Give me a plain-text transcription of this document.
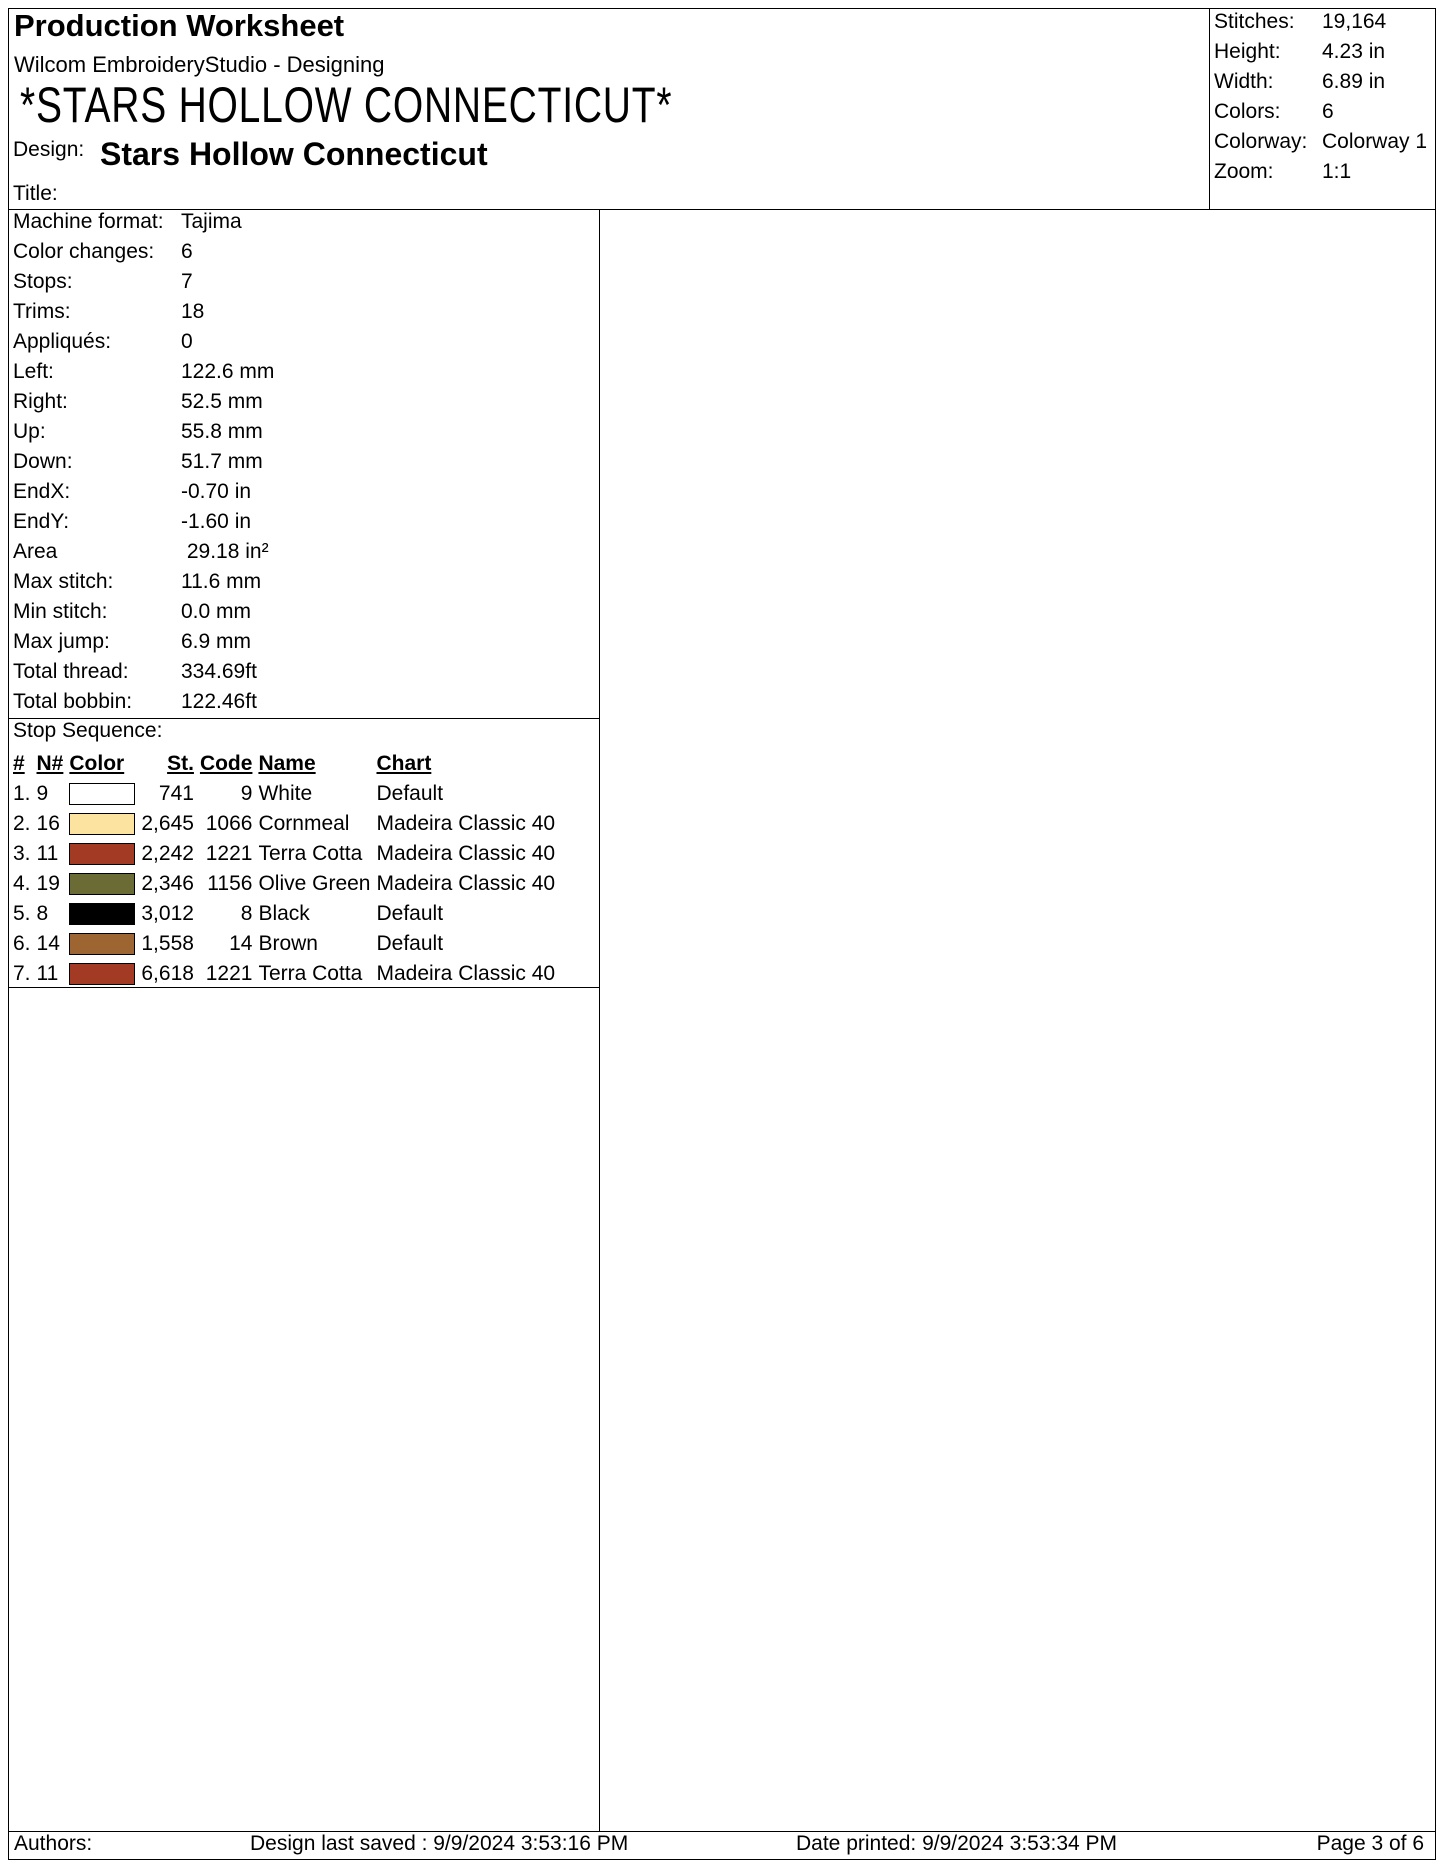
Production Worksheet
Wilcom EmbroideryStudio - Designing
*STARS HOLLOW CONNECTICUT*
Design: Stars Hollow Connecticut
Title:
Stitches:	19,164
Height:	4.23 in
Width:	6.89 in
Colors:	6
Colorway: Colorway 1
Zoom:	1:1
Machine format: Tajima
Color changes:	6
Stops:	7
Trims:	18
Appliqués:	0
Left:	122.6 mm
Right:	52.5 mm
Up:	55.8 mm
Down:	51.7 mm
EndX:	-0.70 in
EndY:	-1.60 in
Area	29.18 in²
Max stitch:	11.6 mm
Min stitch:	0.0 mm
Max jump:	6.9 mm
Total thread:	334.69ft
Total bobbin:	122.46ft
Stop Sequence:
#	N#	Color	St.	Code	Name	Chart
1.	9		741	9	White	Default
2.	16		2,645	1066	Cornmeal	Madeira Classic 40
3.	11		2,242	1221	Terra Cotta	Madeira Classic 40
4.	19		2,346	1156	Olive Green	Madeira Classic 40
5.	8		3,012	8	Black	Default
6.	14		1,558	14	Brown	Default
7.	11		6,618	1221	Terra Cotta	Madeira Classic 40
Authors:	Design last saved : 9/9/2024 3:53:16 PM	Date printed: 9/9/2024 3:53:34 PM	Page 3 of 6
